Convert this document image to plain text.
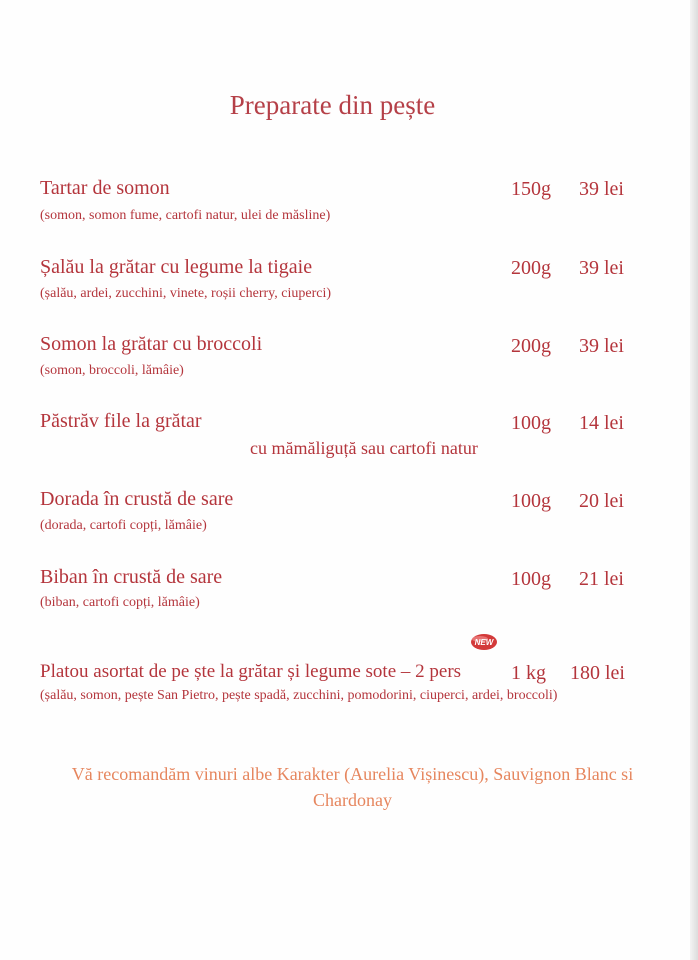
Preparate din pește
Tartar de somon	150g 39 lei
(somon, somon fume, cartofi natur, ulei de măsline)
Șalău la grătar cu legume la tigaie	200g 39 lei
(șalău, ardei, zucchini, vinete, roșii cherry, ciuperci)
Somon la grătar cu broccoli	200g 39 lei
(somon, broccoli, lămâie)
Păstrăv file la grătar	100g 14 lei
cu mămăliguță sau cartofi natur
Dorada în crustă de sare	100g 20 lei
(dorada, cartofi copți, lămâie)
Biban în crustă de sare	100g 21 lei
(biban, cartofi copți, lămâie)
NEW
Platou asortat de pe ște la grătar și legume sote – 2 pers 1 kg 180 lei
(șalău, somon, pește San Pietro, pește spadă, zucchini, pomodorini, ciuperci, ardei, broccoli)
Vă recomandăm vinuri albe Karakter (Aurelia Vișinescu), Sauvignon Blanc si Chardonay
